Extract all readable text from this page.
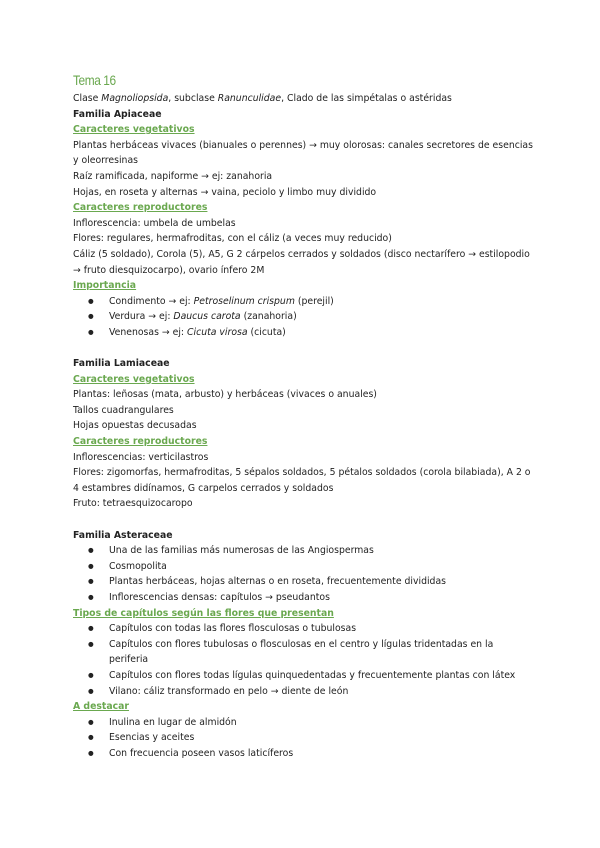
Tema 16

Clase Magnoliopsida, subclase Ranunculidae, Clado de las simpétalas o astéridas

Familia Apiaceae

Caracteres vegetativos

Plantas herbáceas vivaces (bianuales o perennes) → muy olorosas: canales secretores de esencias y oleorresinas

Raíz ramificada, napiforme → ej: zanahoria

Hojas, en roseta y alternas → vaina, peciolo y limbo muy dividido

Caracteres reproductores

Inflorescencia: umbela de umbelas

Flores: regulares, hermafroditas, con el cáliz (a veces muy reducido)

Cáliz (5 soldado), Corola (5), A5, G 2 cárpelos cerrados y soldados (disco nectarífero → estilopodio → fruto diesquizocarpo), ovario ínfero 2M

Importancia

● Condimento → ej: Petroselinum crispum (perejil)
● Verdura → ej: Daucus carota (zanahoria)
● Venenosas → ej: Cicuta virosa (cicuta)

Familia Lamiaceae

Caracteres vegetativos

Plantas: leñosas (mata, arbusto) y herbáceas (vivaces o anuales)

Tallos cuadrangulares

Hojas opuestas decusadas

Caracteres reproductores

Inflorescencias: verticilastros

Flores: zigomorfas, hermafroditas, 5 sépalos soldados, 5 pétalos soldados (corola bilabiada), A 2 o 4 estambres didínamos, G carpelos cerrados y soldados

Fruto: tetraesquizocaropo

Familia Asteraceae

● Una de las familias más numerosas de las Angiospermas
● Cosmopolita
● Plantas herbáceas, hojas alternas o en roseta, frecuentemente divididas
● Inflorescencias densas: capítulos → pseudantos

Tipos de capítulos según las flores que presentan

● Capítulos con todas las flores flosculosas o tubulosas
● Capítulos con flores tubulosas o flosculosas en el centro y lígulas tridentadas en la periferia
● Capítulos con flores todas lígulas quinquedentadas y frecuentemente plantas con látex
● Vilano: cáliz transformado en pelo → diente de león

A destacar

● Inulina en lugar de almidón
● Esencias y aceites
● Con frecuencia poseen vasos laticíferos
